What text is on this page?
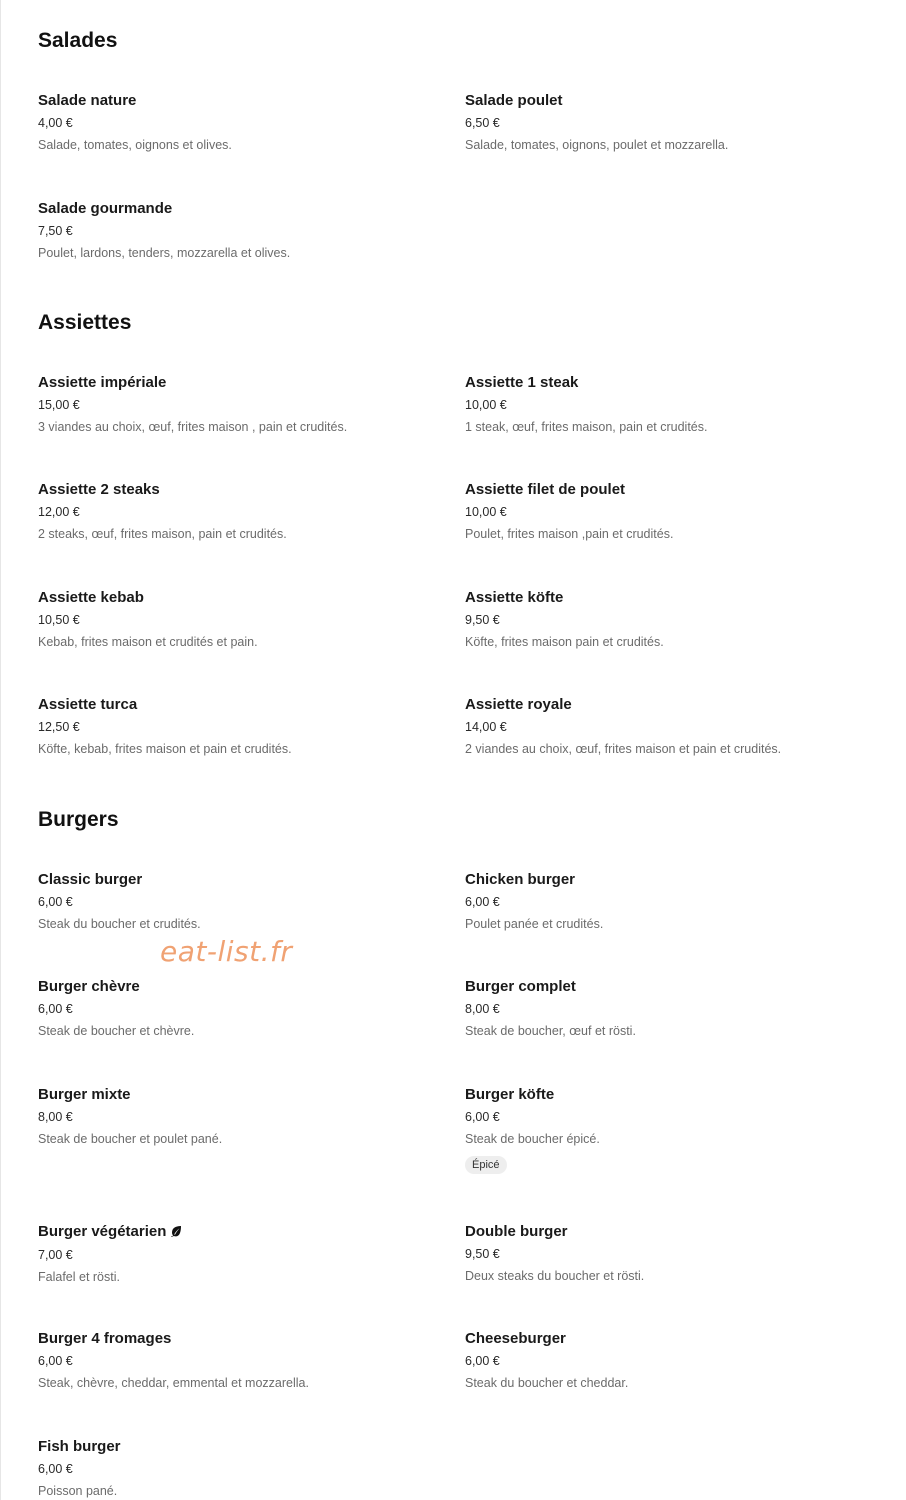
Salades
Salade nature
4,00 €
Salade, tomates, oignons et olives.
Salade poulet
6,50 €
Salade, tomates, oignons, poulet et mozzarella.
Salade gourmande
7,50 €
Poulet, lardons, tenders, mozzarella et olives.
Assiettes
Assiette impériale
15,00 €
3 viandes au choix, œuf, frites maison , pain et crudités.
Assiette 1 steak
10,00 €
1 steak, œuf, frites maison, pain et crudités.
Assiette 2 steaks
12,00 €
2 steaks, œuf, frites maison, pain et crudités.
Assiette filet de poulet
10,00 €
Poulet, frites maison ,pain et crudités.
Assiette kebab
10,50 €
Kebab, frites maison et crudités et pain.
Assiette köfte
9,50 €
Köfte, frites maison pain et crudités.
Assiette turca
12,50 €
Köfte, kebab, frites maison et pain et crudités.
Assiette royale
14,00 €
2 viandes au choix, œuf, frites maison et pain et crudités.
Burgers
Classic burger
6,00 €
Steak du boucher et crudités.
Chicken burger
6,00 €
Poulet panée et crudités.
Burger chèvre
6,00 €
Steak de boucher et chèvre.
Burger complet
8,00 €
Steak de boucher, œuf et rösti.
Burger mixte
8,00 €
Steak de boucher et poulet pané.
Burger köfte
6,00 €
Steak de boucher épicé.
Épicé
Burger végétarien
7,00 €
Falafel et rösti.
Double burger
9,50 €
Deux steaks du boucher et rösti.
Burger 4 fromages
6,00 €
Steak, chèvre, cheddar, emmental et mozzarella.
Cheeseburger
6,00 €
Steak du boucher et cheddar.
Fish burger
6,00 €
Poisson pané.
eat-list.fr
